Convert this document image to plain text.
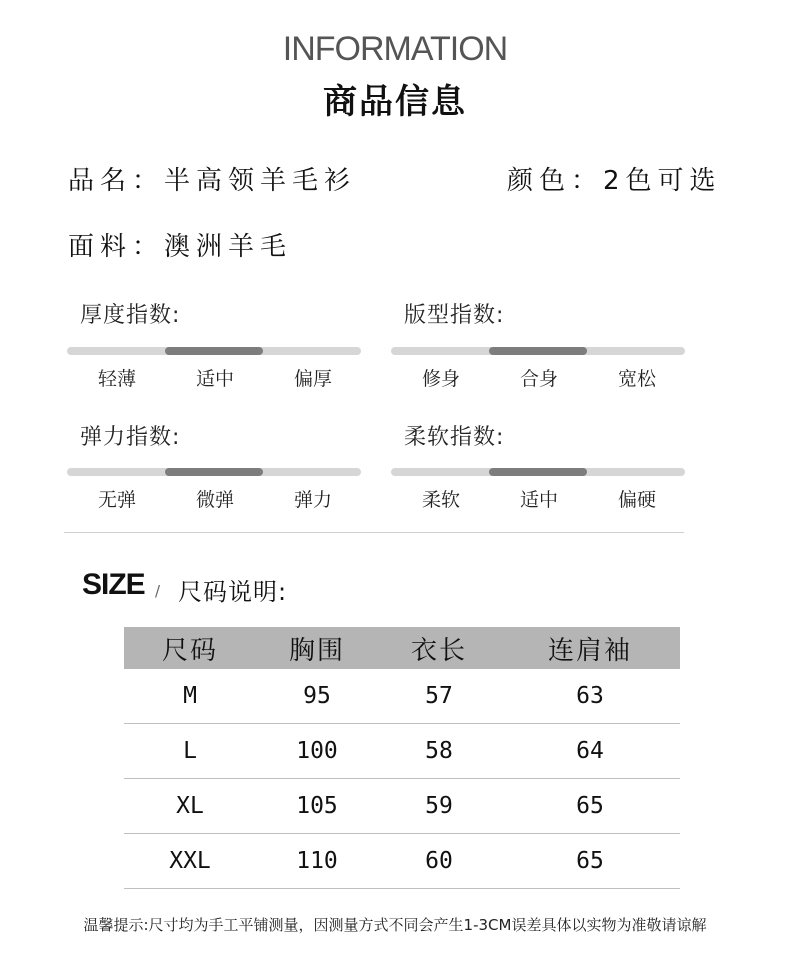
INFORMATION
商品信息
品名：半高领羊毛衫	颜色：2色可选
面料：澳洲羊毛
厚度指数:
轻薄	适中	偏厚
版型指数:
修身	合身	宽松
弹力指数:
无弹	微弹	弹力
柔软指数:
柔软	适中	偏硬
SIZE / 尺码说明:
尺码	胸围	衣长	连肩袖
M	95	57	63
L	100	58	64
XL	105	59	65
XXL	110	60	65
温馨提示:尺寸均为手工平铺测量，因测量方式不同会产生1-3CM误差具体以实物为准敬请谅解
